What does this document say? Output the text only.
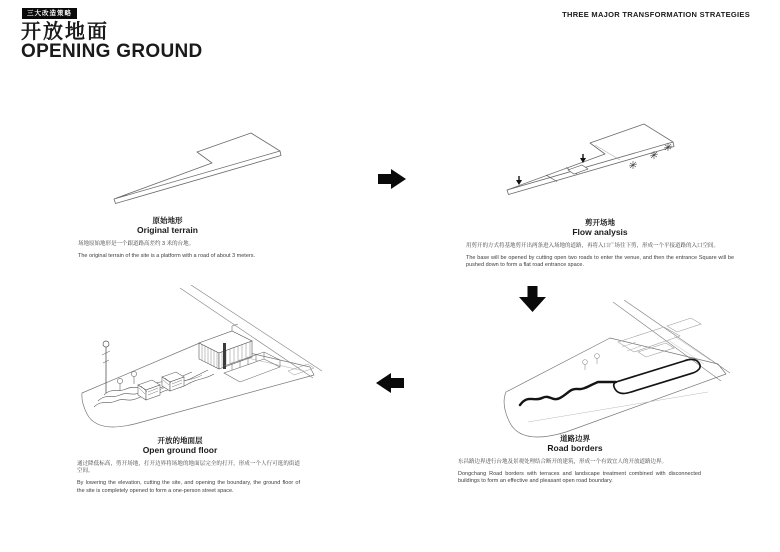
三大改造策略
开放地面
OPENING GROUND
THREE MAJOR TRANSFORMATION STRATEGIES
原始地形
Original terrain

场地原始地形是一个跟道路高差约 3 米的台地。

The original terrain of the site is a platform with a road of about 3 meters.

剪开场地
Flow analysis

用剪开的方式将基地剪开出两条进入场地的道路，再将入口广场往下剪，形成一个平接道路的入口空间。

The base will be opened by cutting open two roads to enter the venue, and then the entrance Square will be pushed down to form a flat road entrance space.

道路边界
Road borders

东昌路边界进行台地及景观处理结合断开的建筑，形成一个有效宜人的开放道路边界。

Dongchang Road borders with terraces and landscape treatment combined with disconnected buildings to form an effective and pleasant open road boundary.

开放的地面层
Open ground floor

通过降低标高，剪开场地，打开边界将场地的地面层完全的打开，形成一个人行可逛的街道空间。

By lowering the elevation, cutting the site, and opening the boundary, the ground floor of the site is completely opened to form a one-person street space.
